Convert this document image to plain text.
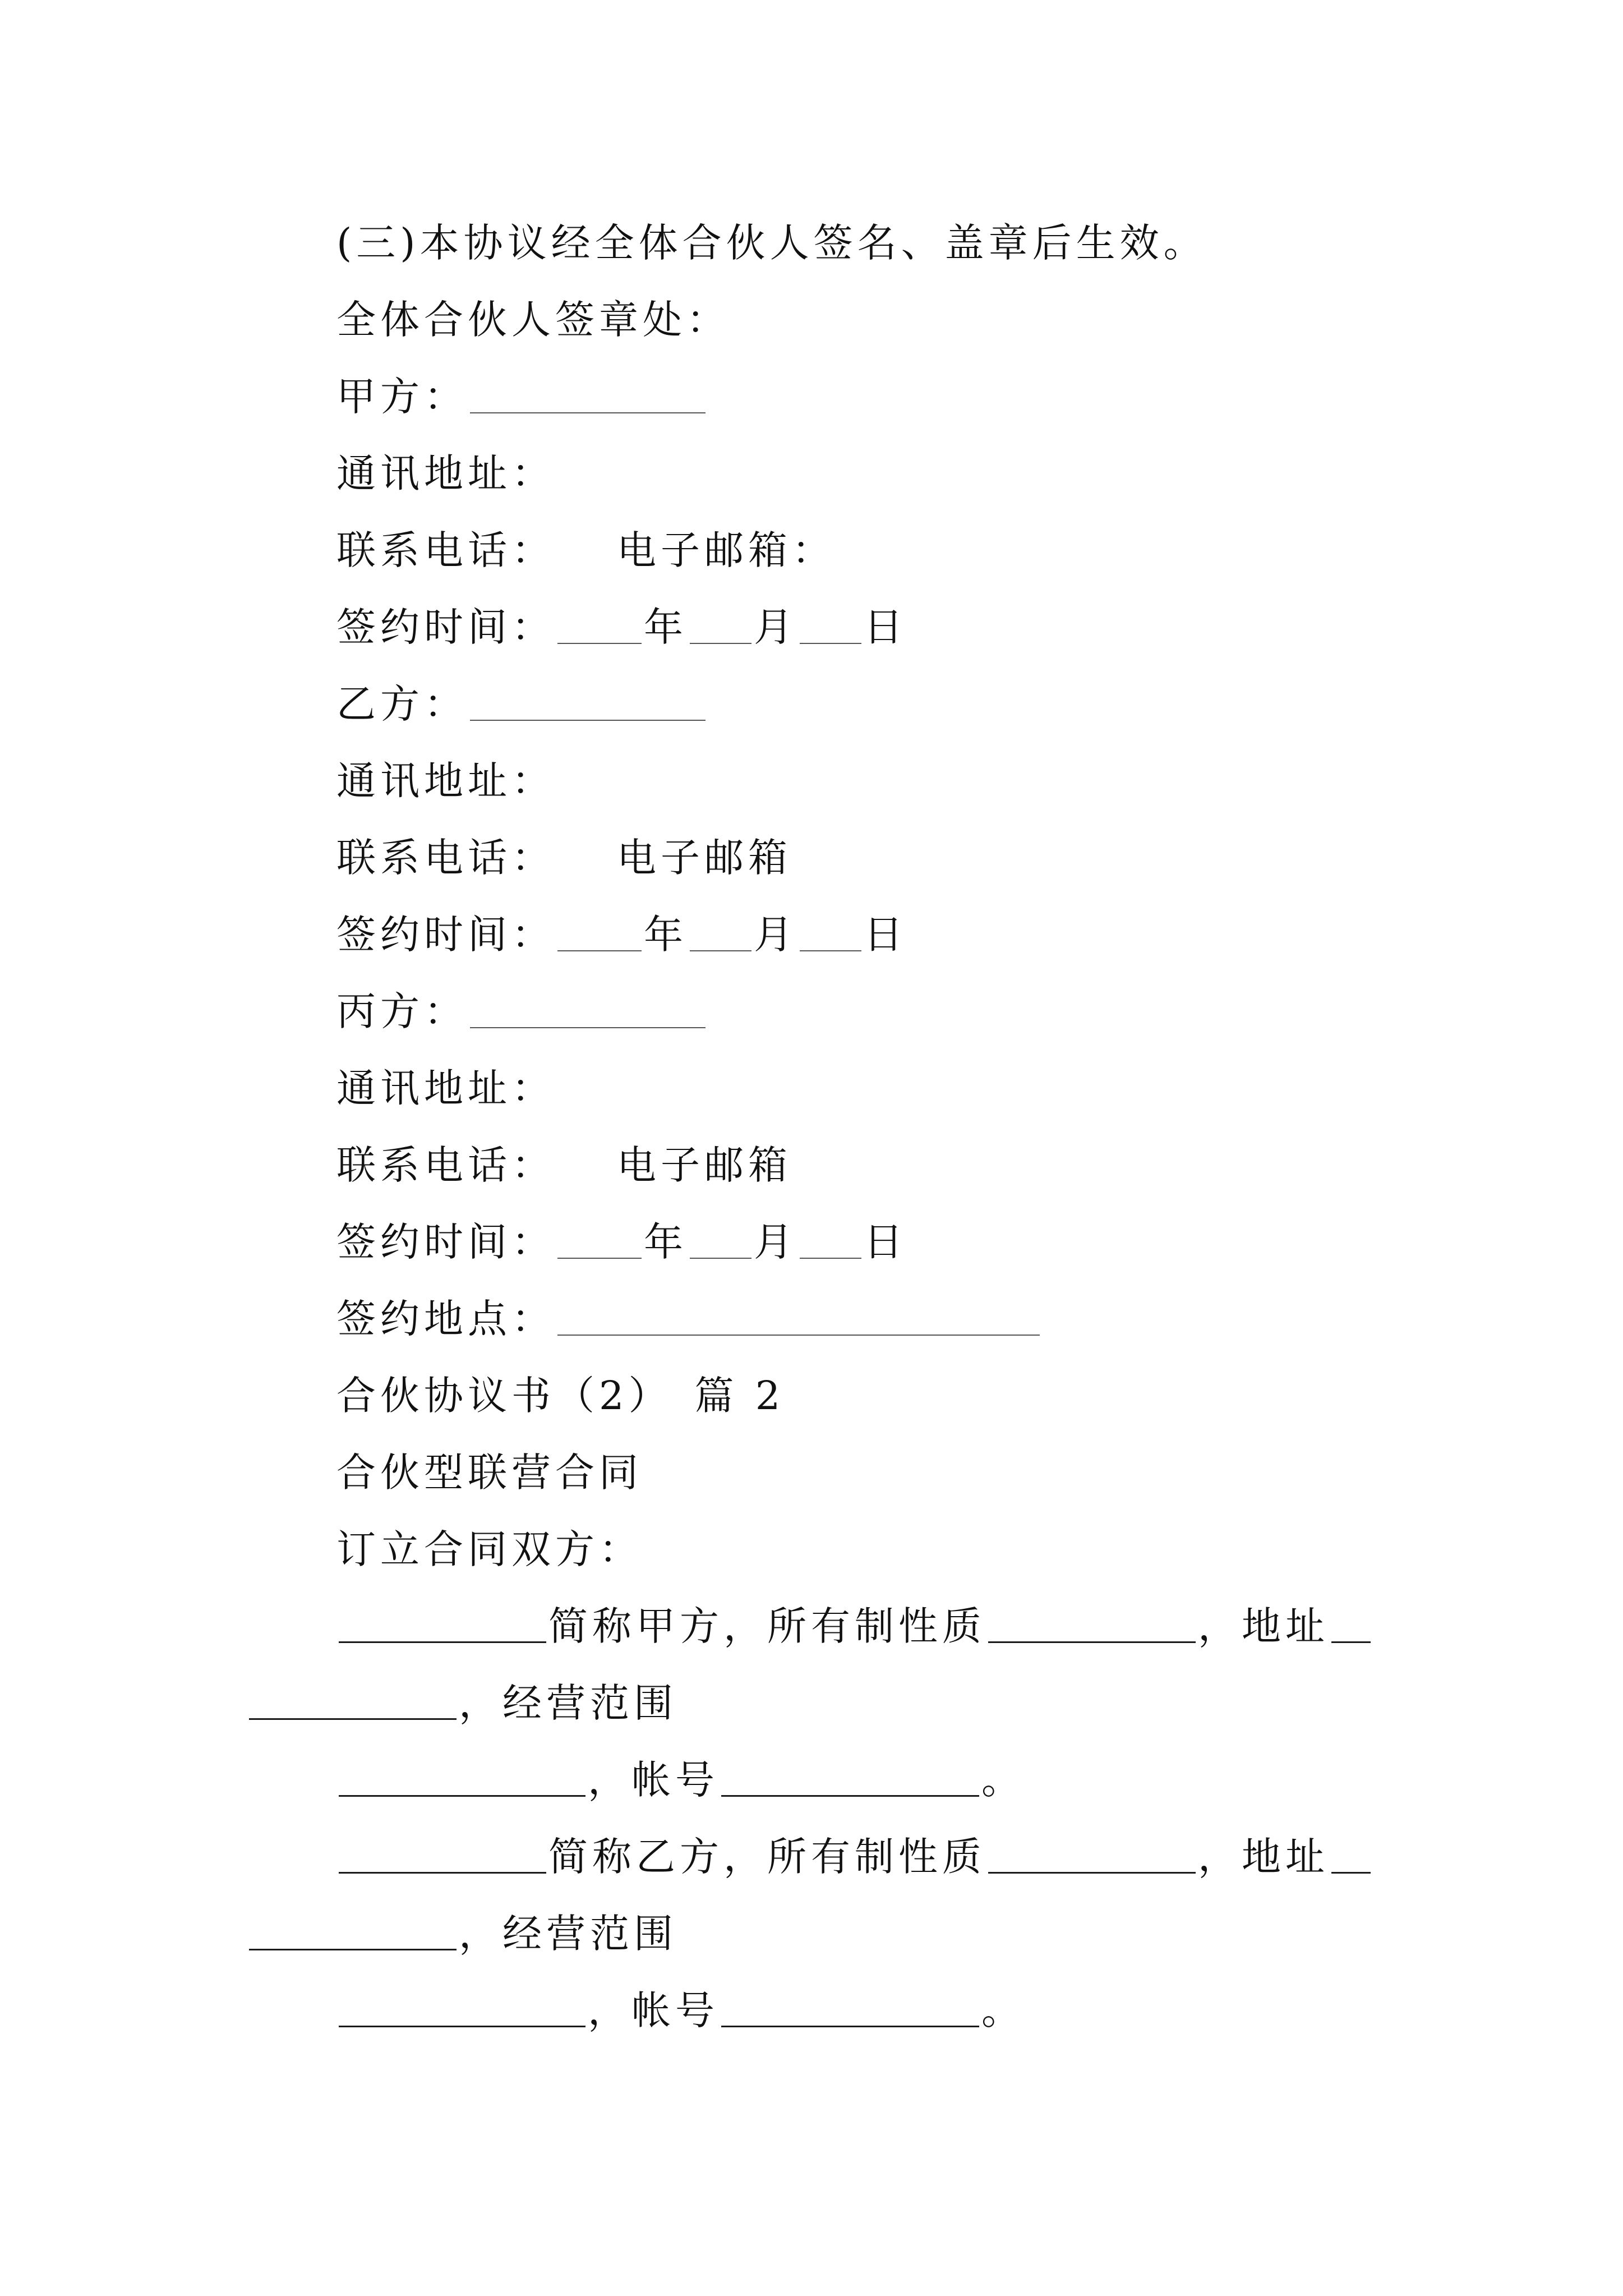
(三)本协议经全体合伙人签名、盖章后生效。
全体合伙人签章处：
甲方：
通讯地址：
联系电话： 电子邮箱：
签约时间： 年 月 日
乙方：
通讯地址：
联系电话： 电子邮箱
签约时间： 年 月 日
丙方：
通讯地址：
联系电话： 电子邮箱
签约时间： 年 月 日
签约地点：
合伙协议书（2） 篇 2
合伙型联营合同
订立合同双方：
简称甲方，所有制性质	，地址
，经营范围
，帐号	。
简称乙方，所有制性质	，地址
，经营范围
，帐号	。
